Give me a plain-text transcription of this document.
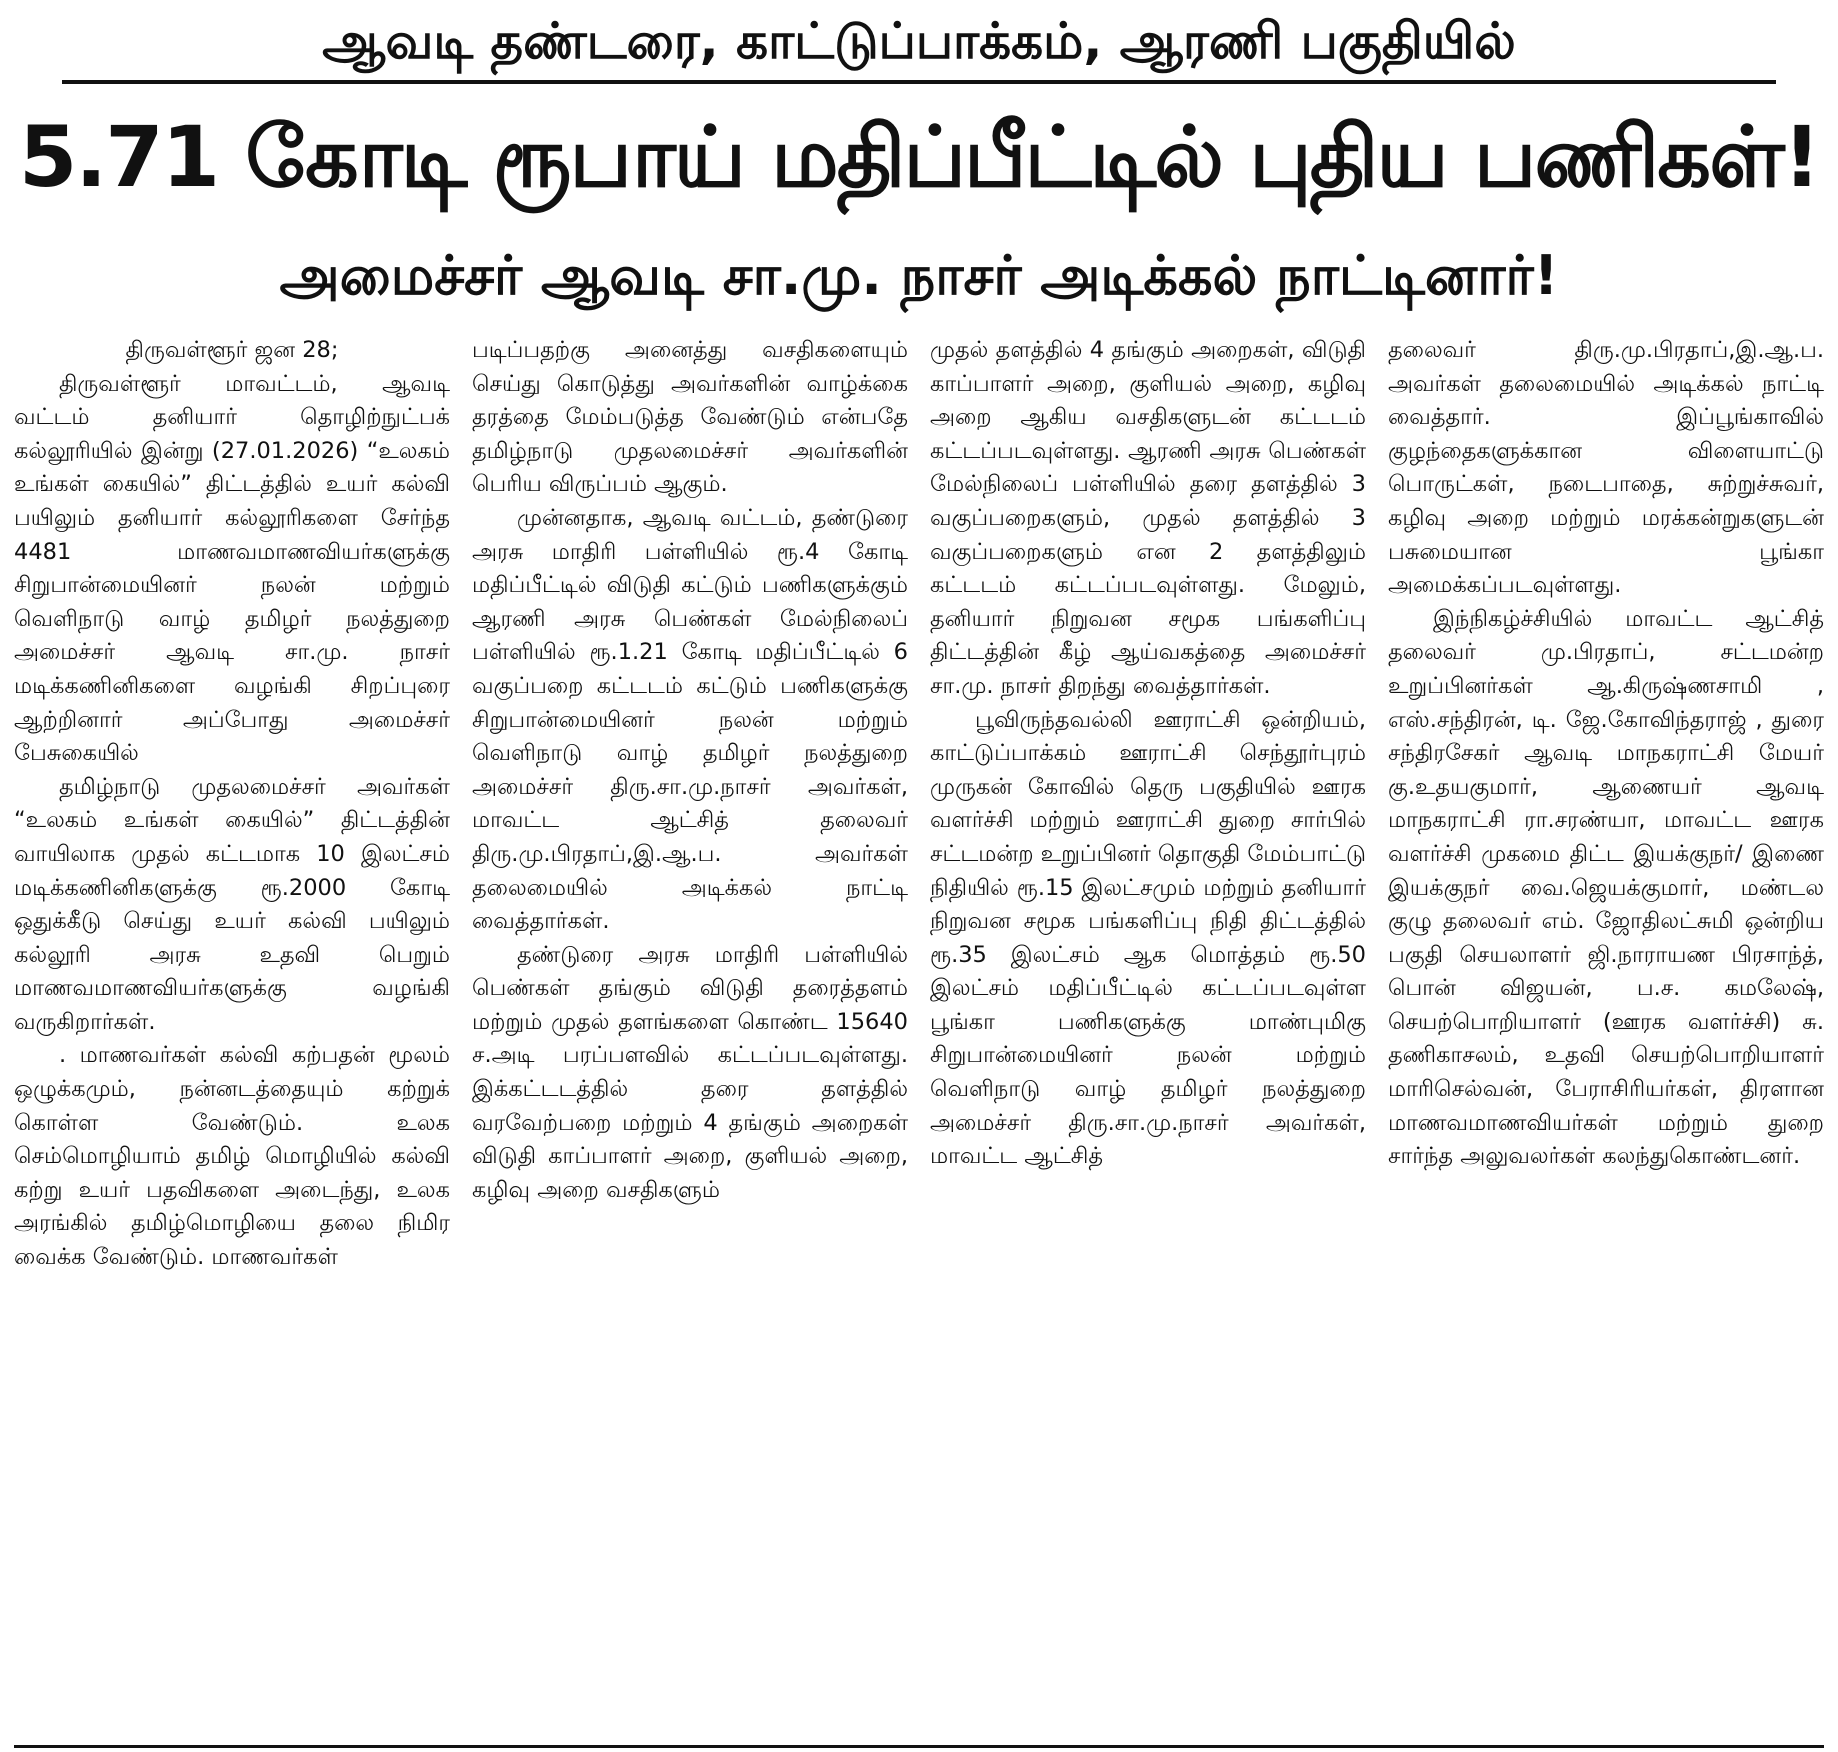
ஆவடி தண்டரை, காட்டுப்பாக்கம், ஆரணி பகுதியில்
5.71 கோடி ரூபாய் மதிப்பீட்டில் புதிய பணிகள்!
அமைச்சர் ஆவடி சா.மு. நாசர் அடிக்கல் நாட்டினார்!

திருவள்ளூர் ஜன 28;

திருவள்ளூர் மாவட்டம், ஆவடி வட்டம் தனியார் தொழிற்நுட்பக் கல்லூரியில் இன்று (27.01.2026) “உலகம் உங்கள் கையில்” திட்டத்தில் உயர் கல்வி பயிலும் தனியார் கல்லூரிகளை சேர்ந்த 4481 மாணவமாணவியர்களுக்கு சிறுபான்மையினர் நலன் மற்றும் வெளிநாடு வாழ் தமிழர் நலத்துறை அமைச்சர் ஆவடி சா.மு. நாசர் மடிக்கணினிகளை வழங்கி சிறப்புரை ஆற்றினார் அப்போது அமைச்சர் பேசுகையில்

தமிழ்நாடு முதலமைச்சர் அவர்கள் “உலகம் உங்கள் கையில்” திட்டத்தின் வாயிலாக முதல் கட்டமாக 10 இலட்சம் மடிக்கணினிகளுக்கு ரூ.2000 கோடி ஒதுக்கீடு செய்து உயர் கல்வி பயிலும் கல்லூரி அரசு உதவி பெறும் மாணவமாணவியர்களுக்கு வழங்கி வருகிறார்கள்.

. மாணவர்கள் கல்வி கற்பதன் மூலம் ஒழுக்கமும், நன்னடத்தையும் கற்றுக் கொள்ள வேண்டும். உலக செம்மொழியாம் தமிழ் மொழியில் கல்வி கற்று உயர் பதவிகளை அடைந்து, உலக அரங்கில் தமிழ்மொழியை தலை நிமிர வைக்க வேண்டும். மாணவர்கள்

படிப்பதற்கு அனைத்து வசதிகளையும் செய்து கொடுத்து அவர்களின் வாழ்க்கை தரத்தை மேம்படுத்த வேண்டும் என்பதே தமிழ்நாடு முதலமைச்சர் அவர்களின் பெரிய விருப்பம் ஆகும்.

முன்னதாக, ஆவடி வட்டம், தண்டுரை அரசு மாதிரி பள்ளியில் ரூ.4 கோடி மதிப்பீட்டில் விடுதி கட்டும் பணிகளுக்கும் ஆரணி அரசு பெண்கள் மேல்நிலைப் பள்ளியில் ரூ.1.21 கோடி மதிப்பீட்டில் 6 வகுப்பறை கட்டடம் கட்டும் பணிகளுக்கு சிறுபான்மையினர் நலன் மற்றும் வெளிநாடு வாழ் தமிழர் நலத்துறை அமைச்சர் திரு.சா.மு.நாசர் அவர்கள், மாவட்ட ஆட்சித் தலைவர் திரு.மு.பிரதாப்,இ.ஆ.ப. அவர்கள் தலைமையில் அடிக்கல் நாட்டி வைத்தார்கள்.

தண்டுரை அரசு மாதிரி பள்ளியில் பெண்கள் தங்கும் விடுதி தரைத்தளம் மற்றும் முதல் தளங்களை கொண்ட 15640 ச.அடி பரப்பளவில் கட்டப்படவுள்ளது. இக்கட்டடத்தில் தரை தளத்தில் வரவேற்பறை மற்றும் 4 தங்கும் அறைகள் விடுதி காப்பாளர் அறை, குளியல் அறை, கழிவு அறை வசதிகளும்

முதல் தளத்தில் 4 தங்கும் அறைகள், விடுதி காப்பாளர் அறை, குளியல் அறை, கழிவு அறை ஆகிய வசதிகளுடன் கட்டடம் கட்டப்படவுள்ளது. ஆரணி அரசு பெண்கள் மேல்நிலைப் பள்ளியில் தரை தளத்தில் 3 வகுப்பறைகளும், முதல் தளத்தில் 3 வகுப்பறைகளும் என 2 தளத்திலும் கட்டடம் கட்டப்படவுள்ளது. மேலும், தனியார் நிறுவன சமூக பங்களிப்பு திட்டத்தின் கீழ் ஆய்வகத்தை அமைச்சர் சா.மு. நாசர் திறந்து வைத்தார்கள்.

பூவிருந்தவல்லி ஊராட்சி ஒன்றியம், காட்டுப்பாக்கம் ஊராட்சி செந்தூர்புரம் முருகன் கோவில் தெரு பகுதியில் ஊரக வளர்ச்சி மற்றும் ஊராட்சி துறை சார்பில் சட்டமன்ற உறுப்பினர் தொகுதி மேம்பாட்டு நிதியில் ரூ.15 இலட்சமும் மற்றும் தனியார் நிறுவன சமூக பங்களிப்பு நிதி திட்டத்தில் ரூ.35 இலட்சம் ஆக மொத்தம் ரூ.50 இலட்சம் மதிப்பீட்டில் கட்டப்படவுள்ள பூங்கா பணிகளுக்கு மாண்புமிகு சிறுபான்மையினர் நலன் மற்றும் வெளிநாடு வாழ் தமிழர் நலத்துறை அமைச்சர் திரு.சா.மு.நாசர் அவர்கள், மாவட்ட ஆட்சித்

தலைவர் திரு.மு.பிரதாப்,இ.ஆ.ப. அவர்கள் தலைமையில் அடிக்கல் நாட்டி வைத்தார். இப்பூங்காவில் குழந்தைகளுக்கான விளையாட்டு பொருட்கள், நடைபாதை, சுற்றுச்சுவர், கழிவு அறை மற்றும் மரக்கன்றுகளுடன் பசுமையான பூங்கா அமைக்கப்படவுள்ளது.

இந்நிகழ்ச்சியில் மாவட்ட ஆட்சித் தலைவர் மு.பிரதாப், சட்டமன்ற உறுப்பினர்கள் ஆ.கிருஷ்ணசாமி , எஸ்.சந்திரன், டி. ஜே.கோவிந்தராஜ் , துரை சந்திரசேகர் ஆவடி மாநகராட்சி மேயர் கு.உதயகுமார், ஆணையர் ஆவடி மாநகராட்சி ரா.சரண்யா, மாவட்ட ஊரக வளர்ச்சி முகமை திட்ட இயக்குநர்/ இணை இயக்குநர் வை.ஜெயக்குமார், மண்டல குழு தலைவர் எம். ஜோதிலட்சுமி ஒன்றிய பகுதி செயலாளர் ஜி.நாராயண பிரசாந்த், பொன் விஜயன், ப.ச. கமலேஷ், செயற்பொறியாளர் (ஊரக வளர்ச்சி) சு. தணிகாசலம், உதவி செயற்பொறியாளர் மாரிசெல்வன், பேராசிரியர்கள், திரளான மாணவமாணவியர்கள் மற்றும் துறை சார்ந்த அலுவலர்கள் கலந்துகொண்டனர்.
